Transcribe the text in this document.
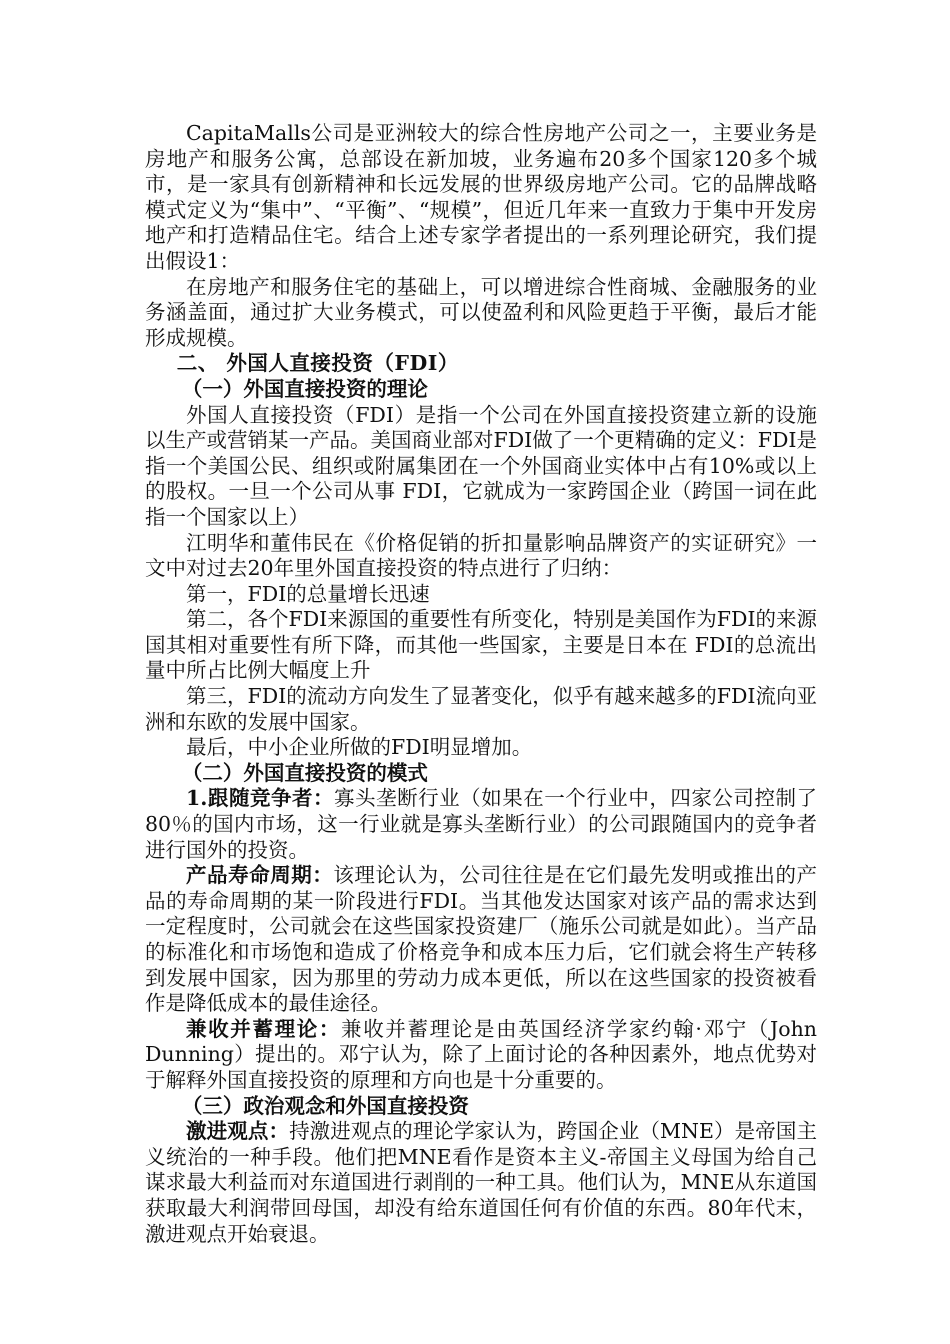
CapitaMalls公司是亚洲较大的综合性房地产公司之一，主要业务是房地产和服务公寓，总部设在新加坡，业务遍布20多个国家120多个城市，是一家具有创新精神和长远发展的世界级房地产公司。它的品牌战略模式定义为“集中”、“平衡”、“规模”，但近几年来一直致力于集中开发房地产和打造精品住宅。结合上述专家学者提出的一系列理论研究，我们提出假设1：

在房地产和服务住宅的基础上，可以增进综合性商城、金融服务的业务涵盖面，通过扩大业务模式，可以使盈利和风险更趋于平衡，最后才能形成规模。

二、 外国人直接投资（FDI）

（一）外国直接投资的理论

外国人直接投资（FDI）是指一个公司在外国直接投资建立新的设施以生产或营销某一产品。美国商业部对FDI做了一个更精确的定义：FDI是指一个美国公民、组织或附属集团在一个外国商业实体中占有10%或以上的股权。一旦一个公司从事 FDI，它就成为一家跨国企业（跨国一词在此指一个国家以上）

江明华和董伟民在《价格促销的折扣量影响品牌资产的实证研究》一文中对过去20年里外国直接投资的特点进行了归纳：

第一，FDI的总量增长迅速

第二，各个FDI来源国的重要性有所变化，特别是美国作为FDI的来源国其相对重要性有所下降，而其他一些国家，主要是日本在 FDI的总流出量中所占比例大幅度上升

第三，FDI的流动方向发生了显著变化，似乎有越来越多的FDI流向亚洲和东欧的发展中国家。

最后，中小企业所做的FDI明显增加。

（二）外国直接投资的模式

1.跟随竞争者：寡头垄断行业（如果在一个行业中，四家公司控制了80％的国内市场，这一行业就是寡头垄断行业）的公司跟随国内的竞争者进行国外的投资。

产品寿命周期：该理论认为，公司往往是在它们最先发明或推出的产品的寿命周期的某一阶段进行FDI。当其他发达国家对该产品的需求达到一定程度时，公司就会在这些国家投资建厂（施乐公司就是如此）。当产品的标准化和市场饱和造成了价格竞争和成本压力后，它们就会将生产转移到发展中国家，因为那里的劳动力成本更低，所以在这些国家的投资被看作是降低成本的最佳途径。

兼收并蓄理论：兼收并蓄理论是由英国经济学家约翰·邓宁（John Dunning）提出的。邓宁认为，除了上面讨论的各种因素外，地点优势对于解释外国直接投资的原理和方向也是十分重要的。

（三）政治观念和外国直接投资

激进观点：持激进观点的理论学家认为，跨国企业（MNE）是帝国主义统治的一种手段。他们把MNE看作是资本主义-帝国主义母国为给自己谋求最大利益而对东道国进行剥削的一种工具。他们认为，MNE从东道国获取最大利润带回母国，却没有给东道国任何有价值的东西。80年代末，激进观点开始衰退。
